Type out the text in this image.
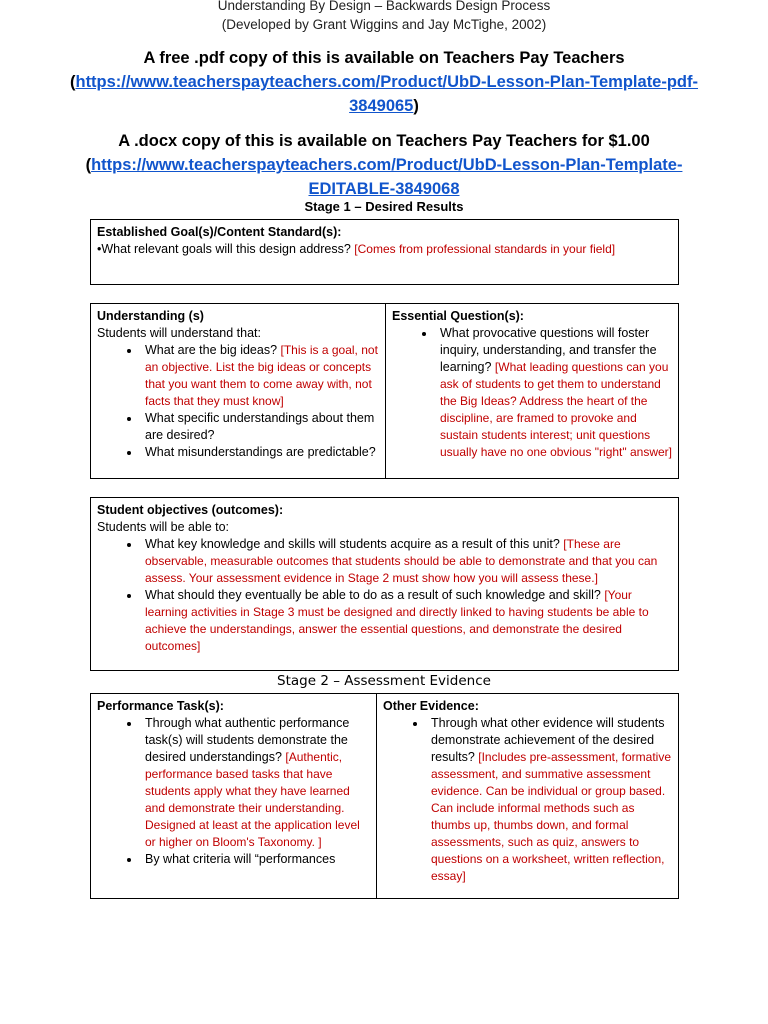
Understanding By Design – Backwards Design Process
(Developed by Grant Wiggins and Jay McTighe, 2002)
A free .pdf copy of this is available on Teachers Pay Teachers
(https://www.teacherspayteachers.com/Product/UbD-Lesson-Plan-Template-pdf-3849065)
A .docx copy of this is available on Teachers Pay Teachers for $1.00
(https://www.teacherspayteachers.com/Product/UbD-Lesson-Plan-Template-EDITABLE-3849068
Stage 1 – Desired Results
Established Goal(s)/Content Standard(s):
•What relevant goals will this design address? [Comes from professional standards in your field]
Understanding (s)
Students will understand that:
• What are the big ideas? [This is a goal, not an objective. List the big ideas or concepts that you want them to come away with, not facts that they must know]
• What specific understandings about them are desired?
• What misunderstandings are predictable?

Essential Question(s):
• What provocative questions will foster inquiry, understanding, and transfer the learning? [What leading questions can you ask of students to get them to understand the Big Ideas? Address the heart of the discipline, are framed to provoke and sustain students interest; unit questions usually have no one obvious "right" answer]
Student objectives (outcomes):
Students will be able to:
• What key knowledge and skills will students acquire as a result of this unit? [These are observable, measurable outcomes that students should be able to demonstrate and that you can assess. Your assessment evidence in Stage 2 must show how you will assess these.]
• What should they eventually be able to do as a result of such knowledge and skill? [Your learning activities in Stage 3 must be designed and directly linked to having students be able to achieve the understandings, answer the essential questions, and demonstrate the desired outcomes]
Stage 2 – Assessment Evidence
Performance Task(s):
• Through what authentic performance task(s) will students demonstrate the desired understandings? [Authentic, performance based tasks that have students apply what they have learned and demonstrate their understanding. Designed at least at the application level or higher on Bloom's Taxonomy. ]
• By what criteria will “performances

Other Evidence:
• Through what other evidence will students demonstrate achievement of the desired results? [Includes pre-assessment, formative assessment, and summative assessment evidence. Can be individual or group based. Can include informal methods such as thumbs up, thumbs down, and formal assessments, such as quiz, answers to questions on a worksheet, written reflection, essay]
